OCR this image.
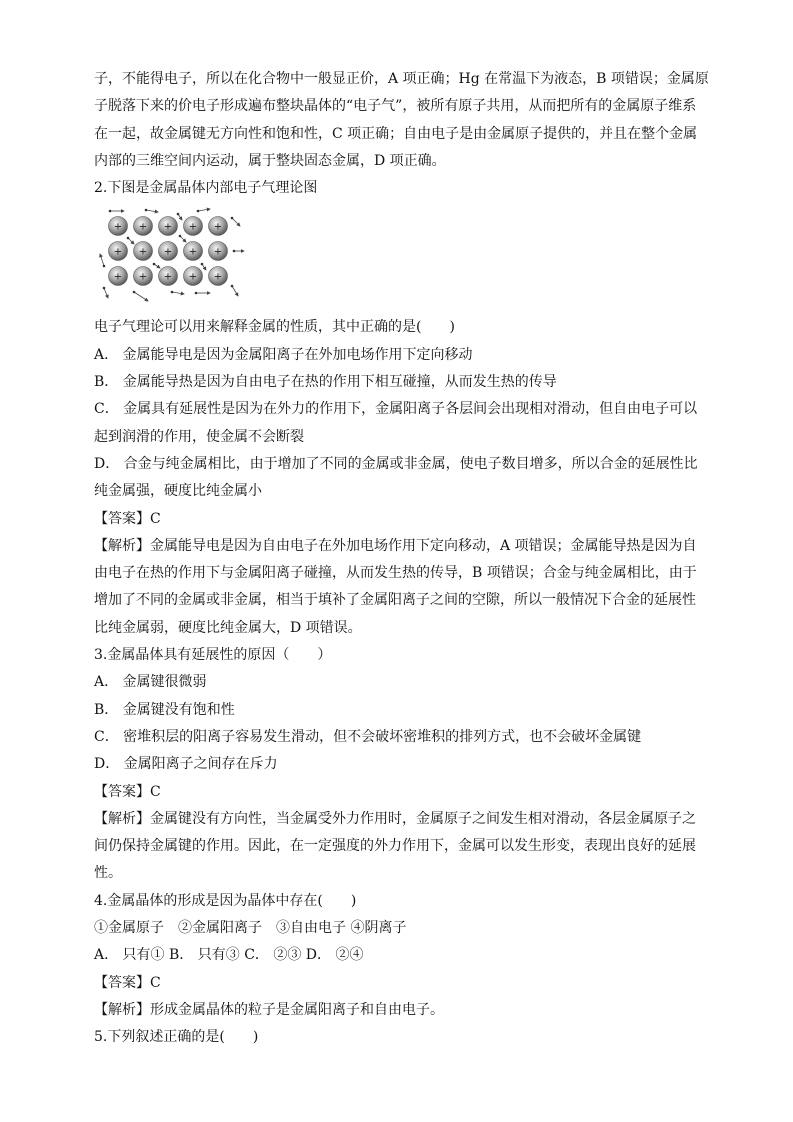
子，不能得电子，所以在化合物中一般显正价，A 项正确；Hg 在常温下为液态，B 项错误；金属原
子脱落下来的价电子形成遍布整块晶体的“电子气”，被所有原子共用，从而把所有的金属原子维系
在一起，故金属键无方向性和饱和性，C 项正确；自由电子是由金属原子提供的，并且在整个金属
内部的三维空间内运动，属于整块固态金属，D 项正确。
2.下图是金属晶体内部电子气理论图
+ + + + +
+ + + + +
+ + + + +
电子气理论可以用来解释金属的性质，其中正确的是(　　)
A． 金属能导电是因为金属阳离子在外加电场作用下定向移动
B． 金属能导热是因为自由电子在热的作用下相互碰撞，从而发生热的传导
C． 金属具有延展性是因为在外力的作用下，金属阳离子各层间会出现相对滑动，但自由电子可以
起到润滑的作用，使金属不会断裂
D． 合金与纯金属相比，由于增加了不同的金属或非金属，使电子数目增多，所以合金的延展性比
纯金属强，硬度比纯金属小
【答案】C
【解析】金属能导电是因为自由电子在外加电场作用下定向移动，A 项错误；金属能导热是因为自
由电子在热的作用下与金属阳离子碰撞，从而发生热的传导，B 项错误；合金与纯金属相比，由于
增加了不同的金属或非金属，相当于填补了金属阳离子之间的空隙，所以一般情况下合金的延展性
比纯金属弱，硬度比纯金属大，D 项错误。
3.金属晶体具有延展性的原因（　　）
A． 金属键很微弱
B． 金属键没有饱和性
C． 密堆积层的阳离子容易发生滑动，但不会破坏密堆积的排列方式，也不会破坏金属键
D． 金属阳离子之间存在斥力
【答案】C
【解析】金属键没有方向性，当金属受外力作用时，金属原子之间发生相对滑动，各层金属原子之
间仍保持金属键的作用。因此，在一定强度的外力作用下，金属可以发生形变，表现出良好的延展
性。
4.金属晶体的形成是因为晶体中存在(　　)
①金属原子　②金属阳离子　③自由电子 ④阴离子
A． 只有① B． 只有③ C． ②③ D． ②④
【答案】C
【解析】形成金属晶体的粒子是金属阳离子和自由电子。
5.下列叙述正确的是(　　)
